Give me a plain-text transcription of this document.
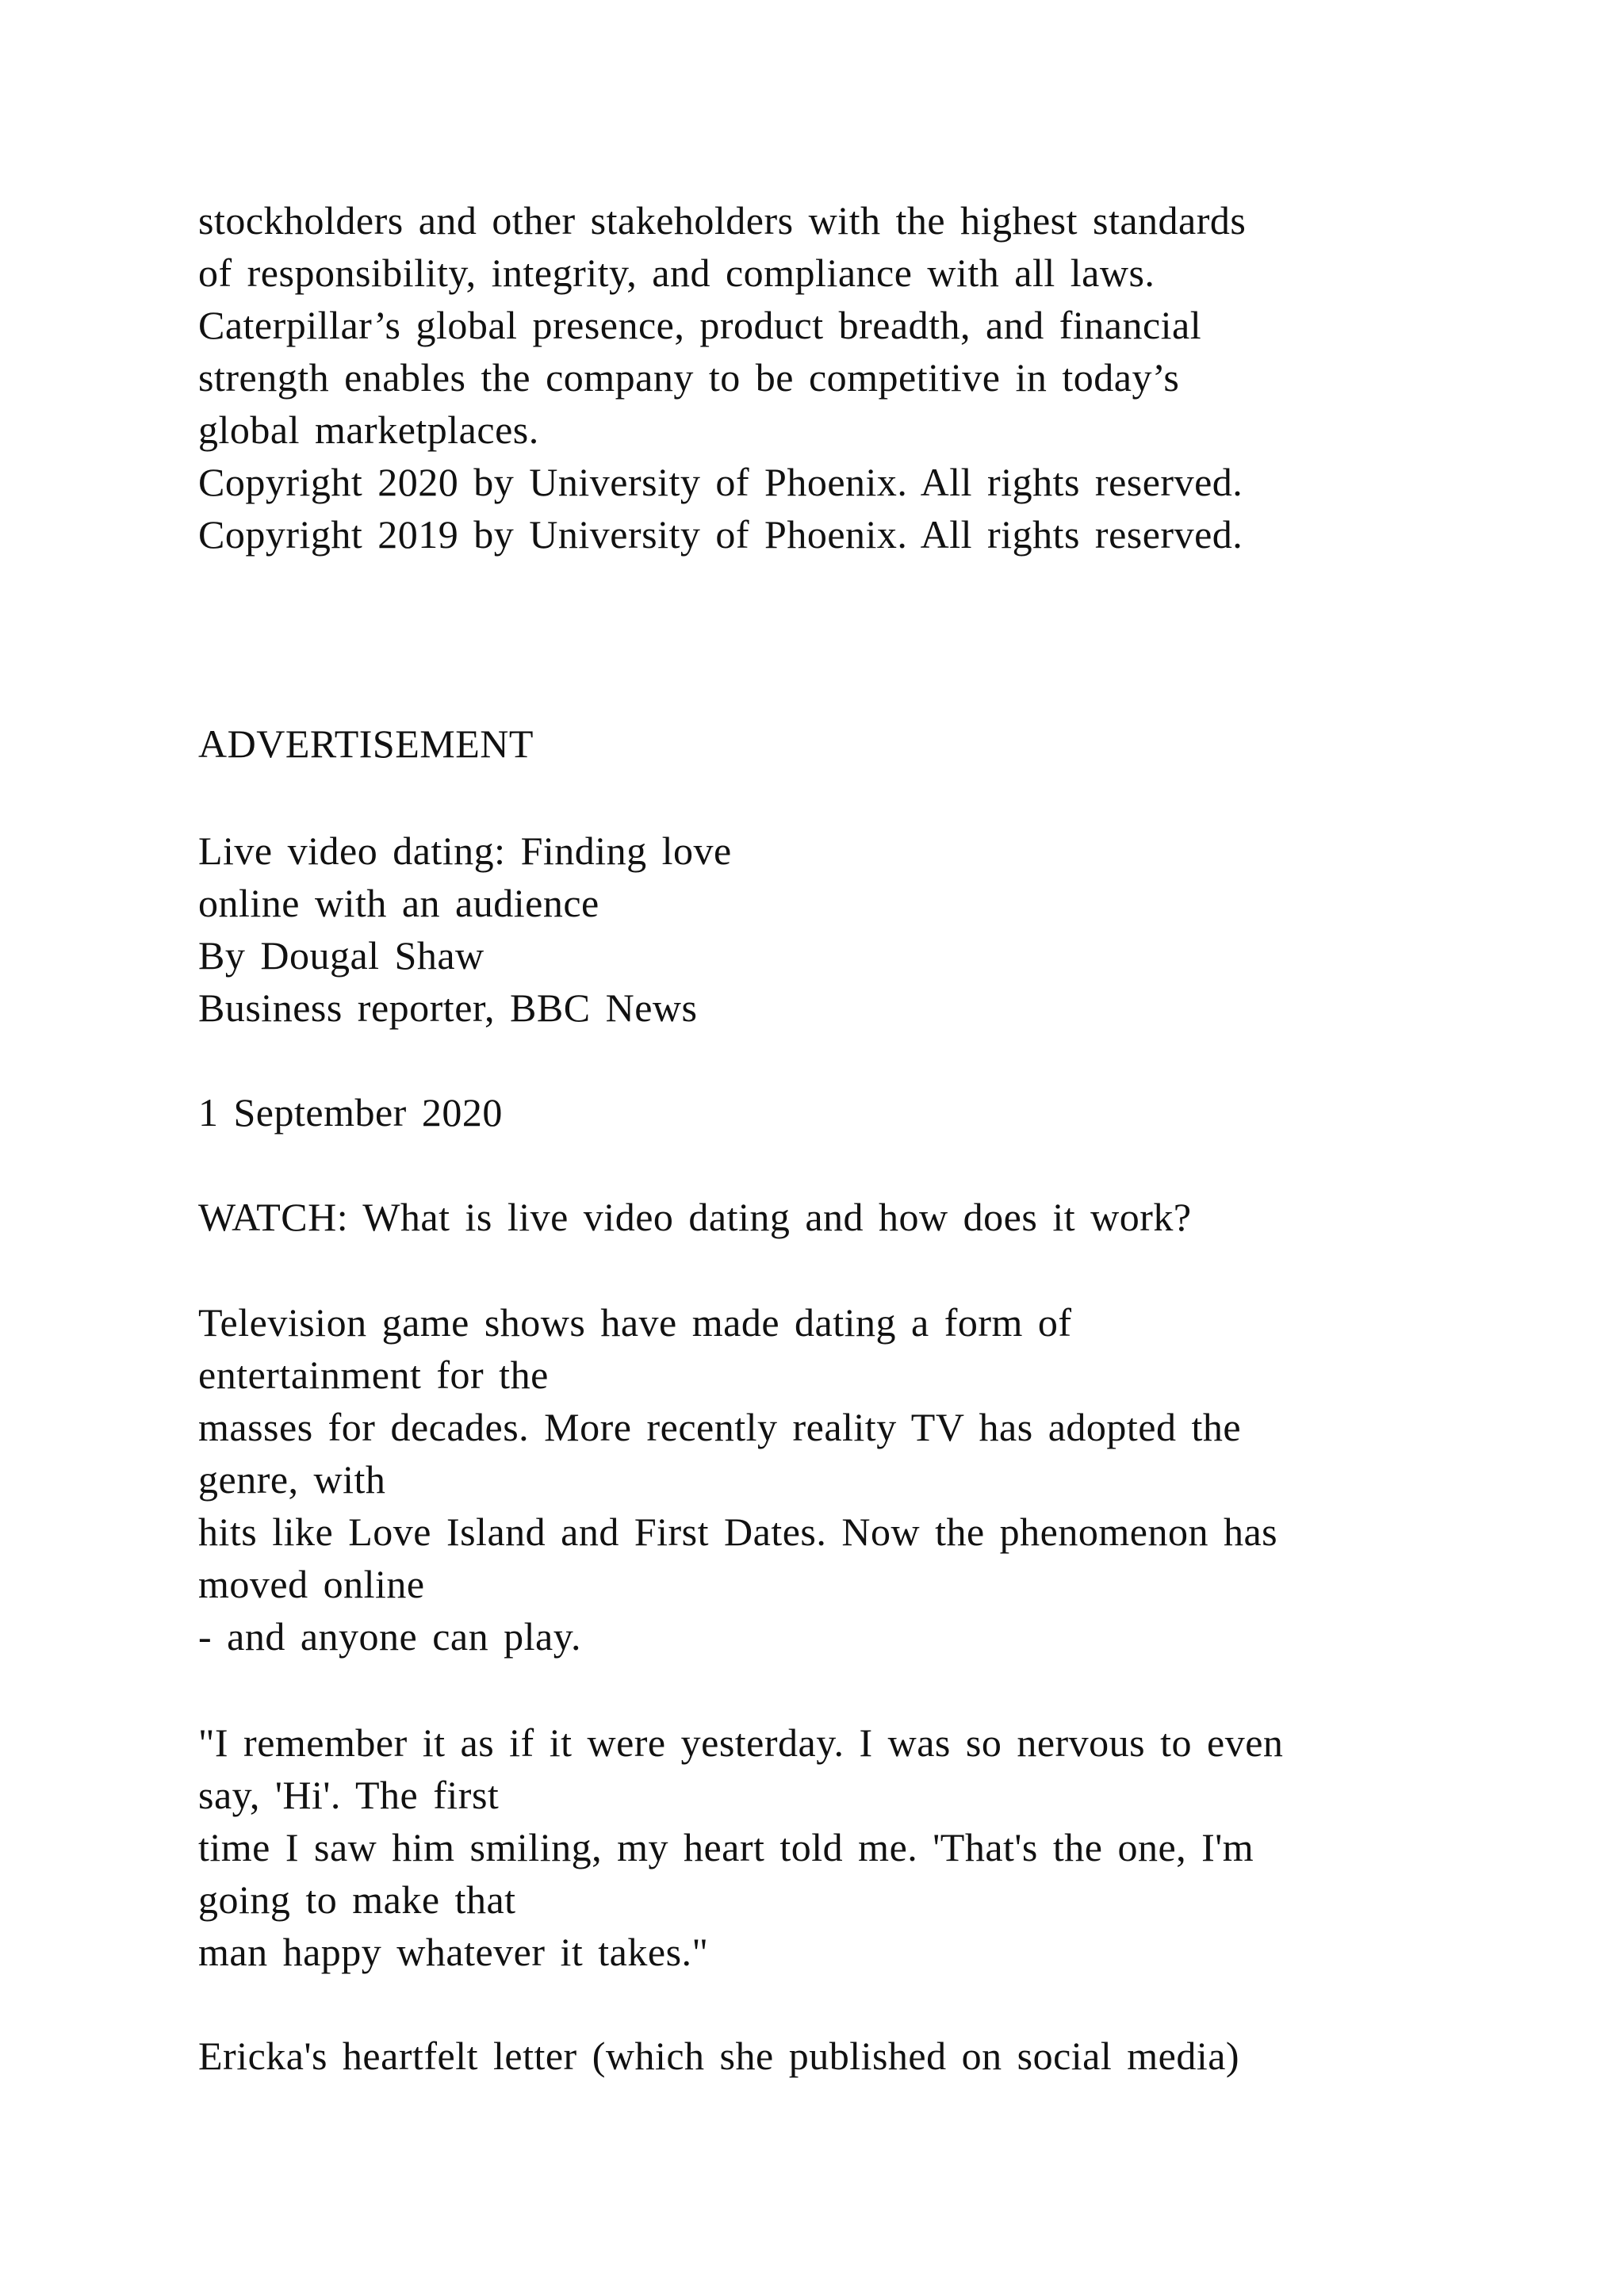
stockholders and other stakeholders with the highest standards
of responsibility, integrity, and compliance with all laws.
Caterpillar’s global presence, product breadth, and financial
strength enables the company to be competitive in today’s
global marketplaces.
Copyright 2020 by University of Phoenix. All rights reserved.
Copyright 2019 by University of Phoenix. All rights reserved.
ADVERTISEMENT
Live video dating: Finding love
online with an audience
By Dougal Shaw
Business reporter, BBC News
1 September 2020
WATCH: What is live video dating and how does it work?
Television game shows have made dating a form of
entertainment for the
masses for decades. More recently reality TV has adopted the
genre, with
hits like Love Island and First Dates. Now the phenomenon has
moved online
- and anyone can play.
"I remember it as if it were yesterday. I was so nervous to even
say, 'Hi'. The first
time I saw him smiling, my heart told me. 'That's the one, I'm
going to make that
man happy whatever it takes."
Ericka's heartfelt letter (which she published on social media)
